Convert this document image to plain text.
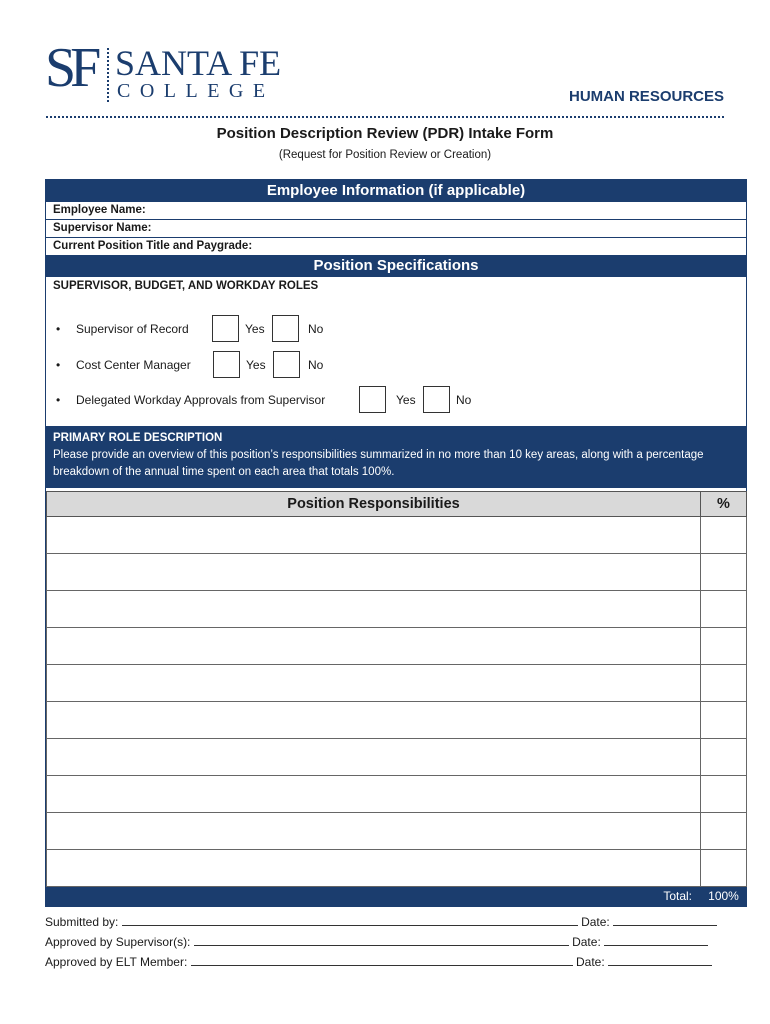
SF SANTA FE
COLLEGE	HUMAN RESOURCES
Position Description Review (PDR) Intake Form
(Request for Position Review or Creation)
Employee Information (if applicable)
Employee Name:
Supervisor Name:
Current Position Title and Paygrade:
Position Specifications
SUPERVISOR, BUDGET, AND WORKDAY ROLES
• Supervisor of Record	Yes	No
• Cost Center Manager	Yes	No
• Delegated Workday Approvals from Supervisor	Yes	No
PRIMARY ROLE DESCRIPTION
Please provide an overview of this position’s responsibilities summarized in no more than 10 key areas, along with a percentage breakdown of the annual time spent on each area that totals 100%.
Position Responsibilities	%

Total:	100%
Submitted by:	Date:
Approved by Supervisor(s):	Date:
Approved by ELT Member:	Date:
